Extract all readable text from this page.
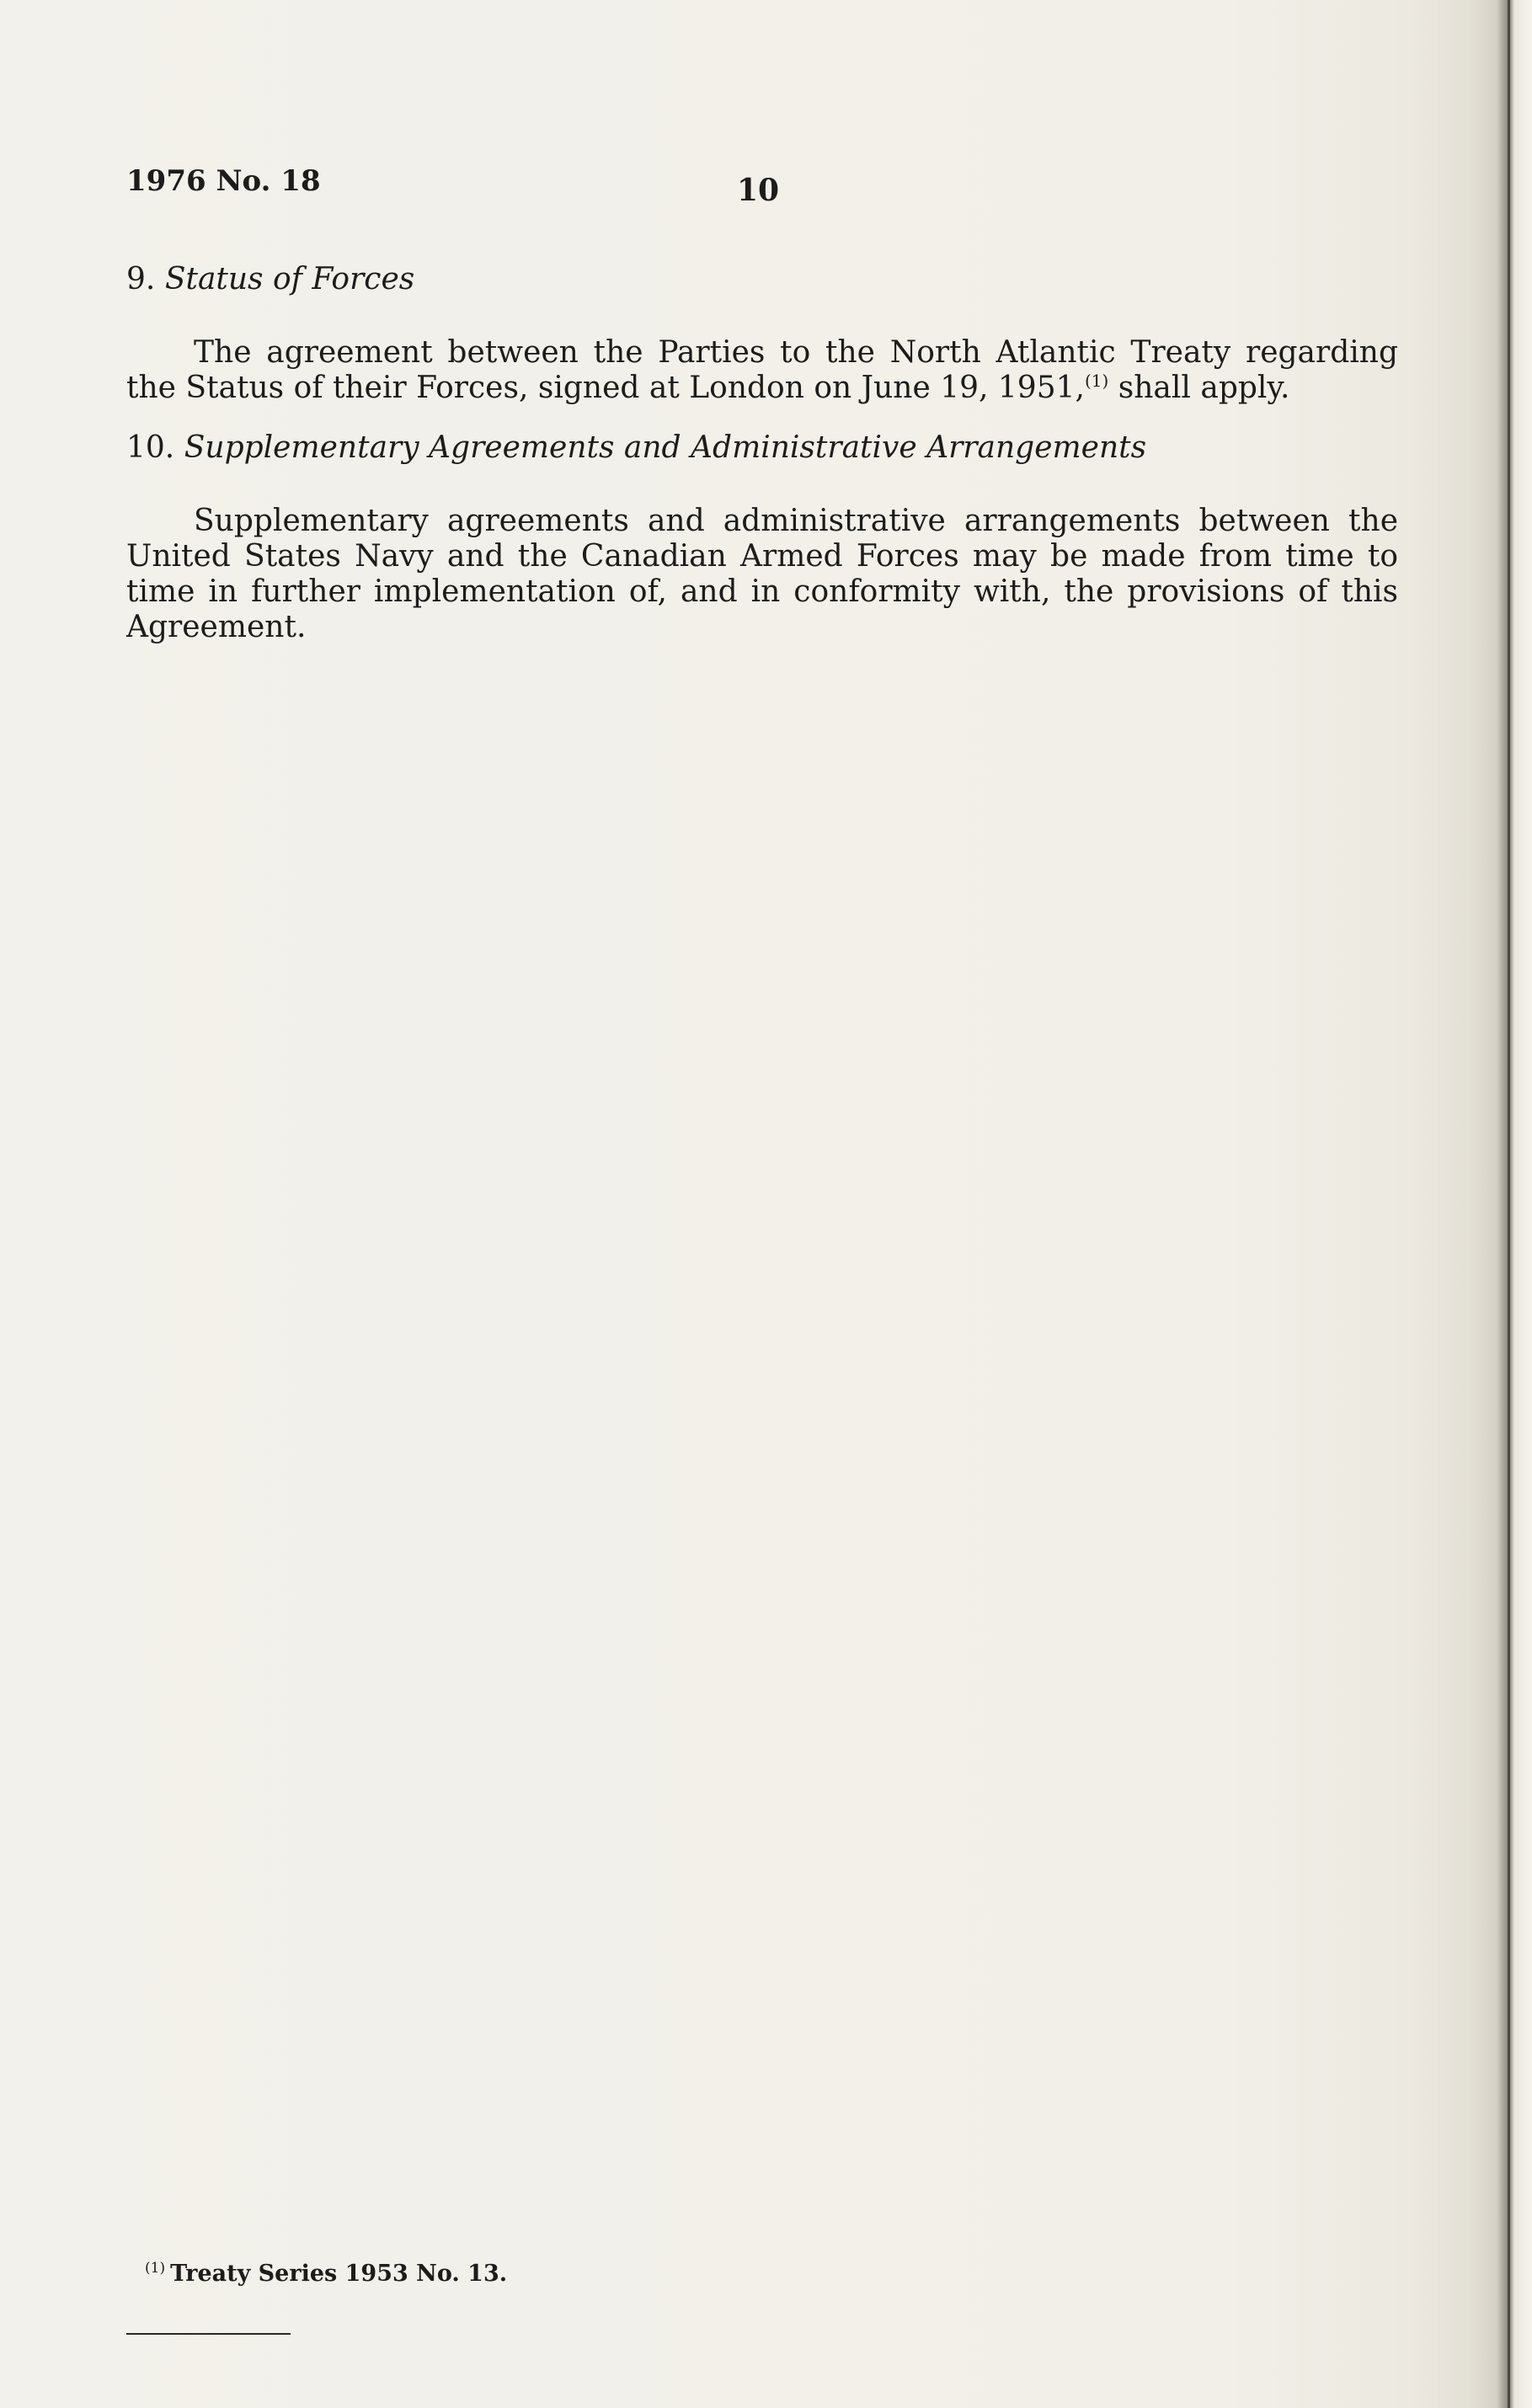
1976 No. 18	10
9. Status of Forces

The agreement between the Parties to the North Atlantic Treaty regarding the Status of their Forces, signed at London on June 19, 1951,$^{(1)}$ shall apply.

10. Supplementary Agreements and Administrative Arrangements

Supplementary agreements and administrative arrangements between the United States Navy and the Canadian Armed Forces may be made from time to time in further implementation of, and in conformity with, the provisions of this Agreement.

$^{(1)}$ Treaty Series 1953 No. 13.
